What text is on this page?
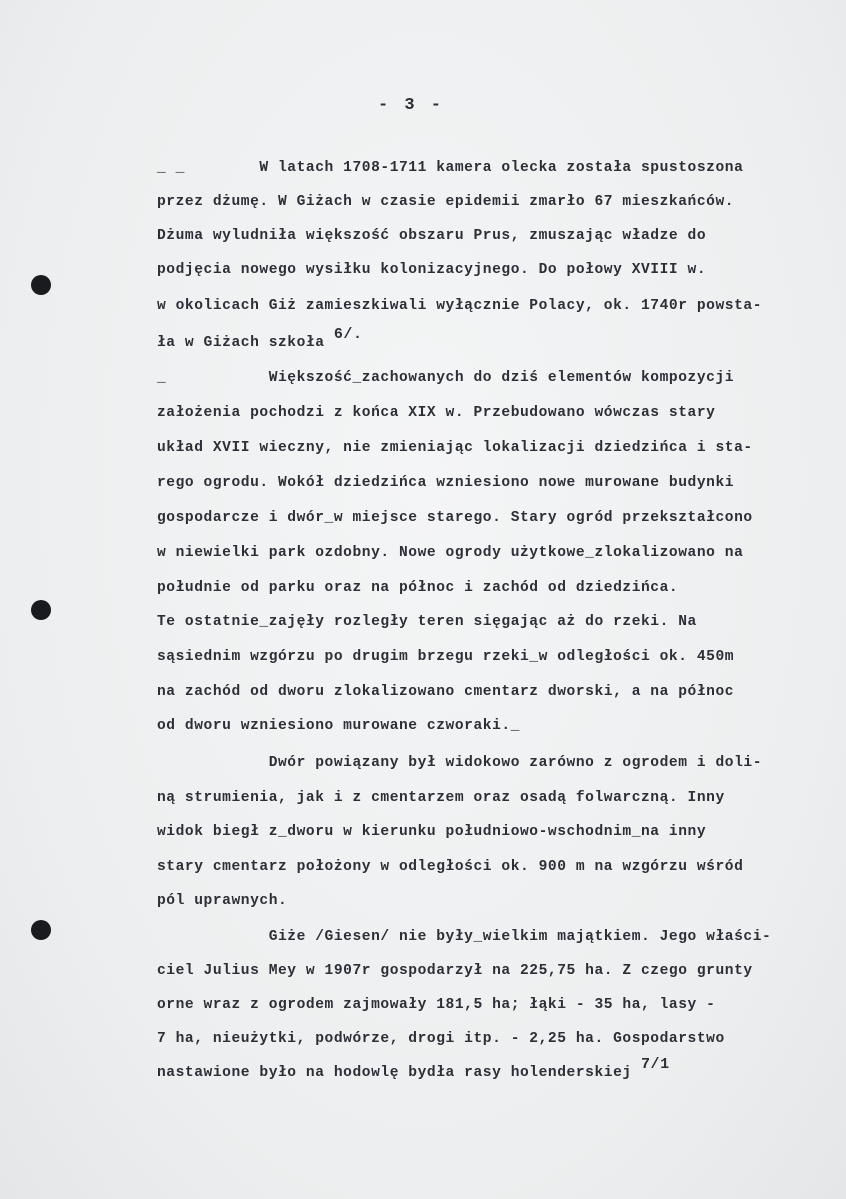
- 3 -
_ _        W latach 1708-1711 kamera olecka została spustoszona
przez dżumę. W Giżach w czasie epidemii zmarło 67 mieszkańców.
Dżuma wyludniła większość obszaru Prus, zmuszając władze do
podjęcia nowego wysiłku kolonizacyjnego. Do połowy XVIII w.
w okolicach Giż zamieszkiwali wyłącznie Polacy, ok. 1740r powsta-
ła w Giżach szkoła 6/.
_           Większość_zachowanych do dziś elementów kompozycji
założenia pochodzi z końca XIX w. Przebudowano wówczas stary
układ XVII wieczny, nie zmieniając lokalizacji dziedzińca i sta-
rego ogrodu. Wokół dziedzińca wzniesiono nowe murowane budynki
gospodarcze i dwór_w miejsce starego. Stary ogród przekształcono
w niewielki park ozdobny. Nowe ogrody użytkowe_zlokalizowano na
południe od parku oraz na północ i zachód od dziedzińca.
Te ostatnie_zajęły rozległy teren sięgając aż do rzeki. Na
sąsiednim wzgórzu po drugim brzegu rzeki_w odległości ok. 450m
na zachód od dworu zlokalizowano cmentarz dworski, a na północ
od dworu wzniesiono murowane czworaki._
Dwór powiązany był widokowo zarówno z ogrodem i doli-
ną strumienia, jak i z cmentarzem oraz osadą folwarczną. Inny
widok biegł z_dworu w kierunku południowo-wschodnim_na inny
stary cmentarz położony w odległości ok. 900 m na wzgórzu wśród
pól uprawnych.
Giże /Giesen/ nie były_wielkim majątkiem. Jego właści-
ciel Julius Mey w 1907r gospodarzył na 225,75 ha. Z czego grunty
orne wraz z ogrodem zajmowały 181,5 ha; łąki - 35 ha, lasy -
7 ha, nieużytki, podwórze, drogi itp. - 2,25 ha. Gospodarstwo
nastawione było na hodowlę bydła rasy holenderskiej 7/1
